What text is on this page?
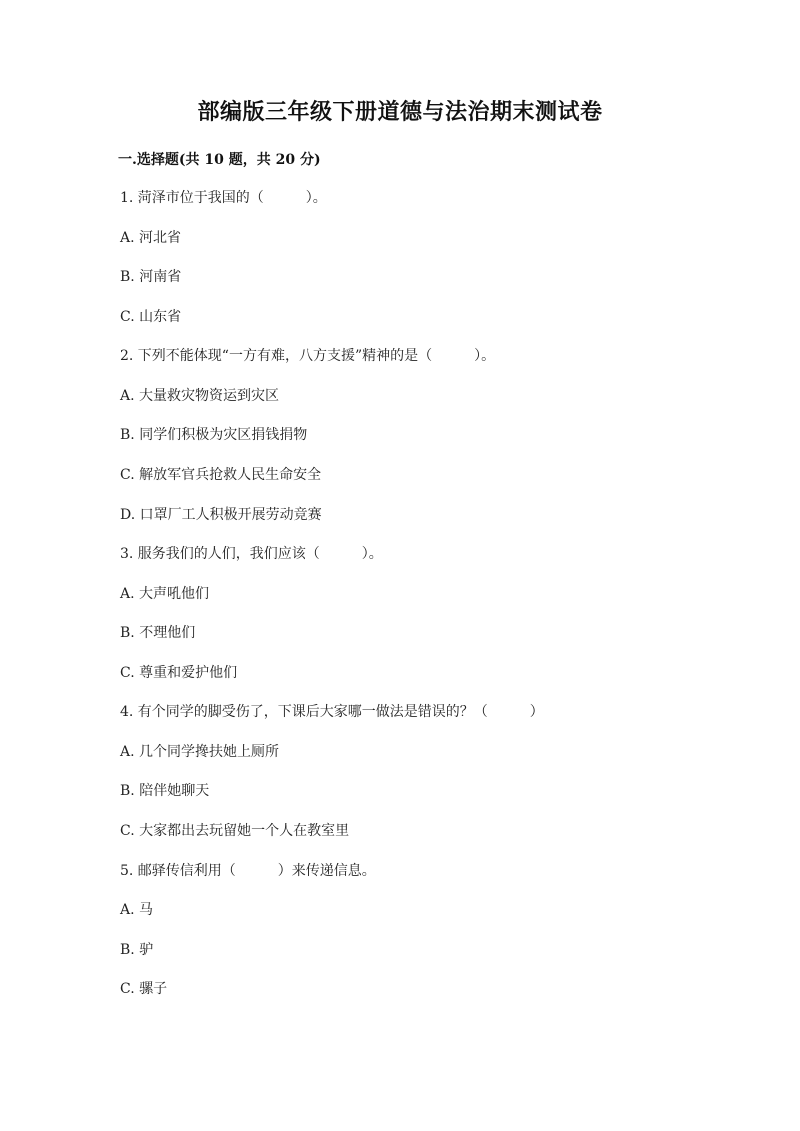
部编版三年级下册道德与法治期末测试卷
一.选择题(共 10 题，共 20 分)
1. 菏泽市位于我国的（　　　）。
A. 河北省
B. 河南省
C. 山东省
2. 下列不能体现“一方有难，八方支援”精神的是（　　　）。
A. 大量救灾物资运到灾区
B. 同学们积极为灾区捐钱捐物
C. 解放军官兵抢救人民生命安全
D. 口罩厂工人积极开展劳动竞赛
3. 服务我们的人们，我们应该（　　　）。
A. 大声吼他们
B. 不理他们
C. 尊重和爱护他们
4. 有个同学的脚受伤了，下课后大家哪一做法是错误的？（　　　）
A. 几个同学搀扶她上厕所
B. 陪伴她聊天
C. 大家都出去玩留她一个人在教室里
5. 邮驿传信利用（　　　）来传递信息。
A. 马
B. 驴
C. 骡子
